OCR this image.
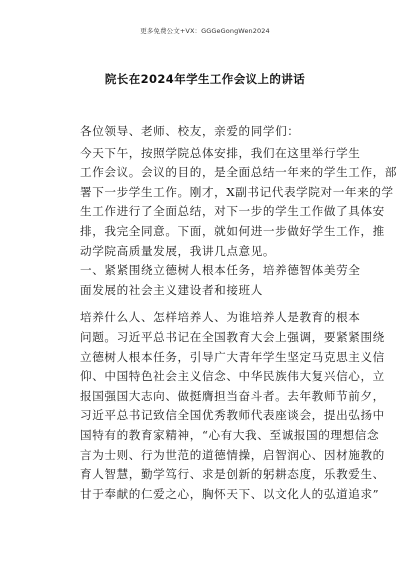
更多免费公文+VX：GGGeGongWen2024
院长在2024年学生工作会议上的讲话
各位领导、老师、校友，亲爱的同学们：
今天下午，按照学院总体安排，我们在这里举行学生
工作会议。会议的目的，是全面总结一年来的学生工作，部
署下一步学生工作。刚才，X副书记代表学院对一年来的学
生工作进行了全面总结，对下一步的学生工作做了具体安
排，我完全同意。下面，就如何进一步做好学生工作，推
动学院高质量发展，我讲几点意见。
一、紧紧围绕立德树人根本任务，培养德智体美劳全
面发展的社会主义建设者和接班人
培养什么人、怎样培养人、为谁培养人是教育的根本
问题。习近平总书记在全国教育大会上强调，要紧紧围绕
立德树人根本任务，引导广大青年学生坚定马克思主义信
仰、中国特色社会主义信念、中华民族伟大复兴信心，立
报国强国大志向、做挺膺担当奋斗者。去年教师节前夕，
习近平总书记致信全国优秀教师代表座谈会，提出弘扬中
国特有的教育家精神，“心有大我、至诚报国的理想信念
言为士则、行为世范的道德情操，启智润心、因材施教的
育人智慧，勤学笃行、求是创新的躬耕态度，乐教爱生、
甘于奉献的仁爱之心，胸怀天下、以文化人的弘道追求”
